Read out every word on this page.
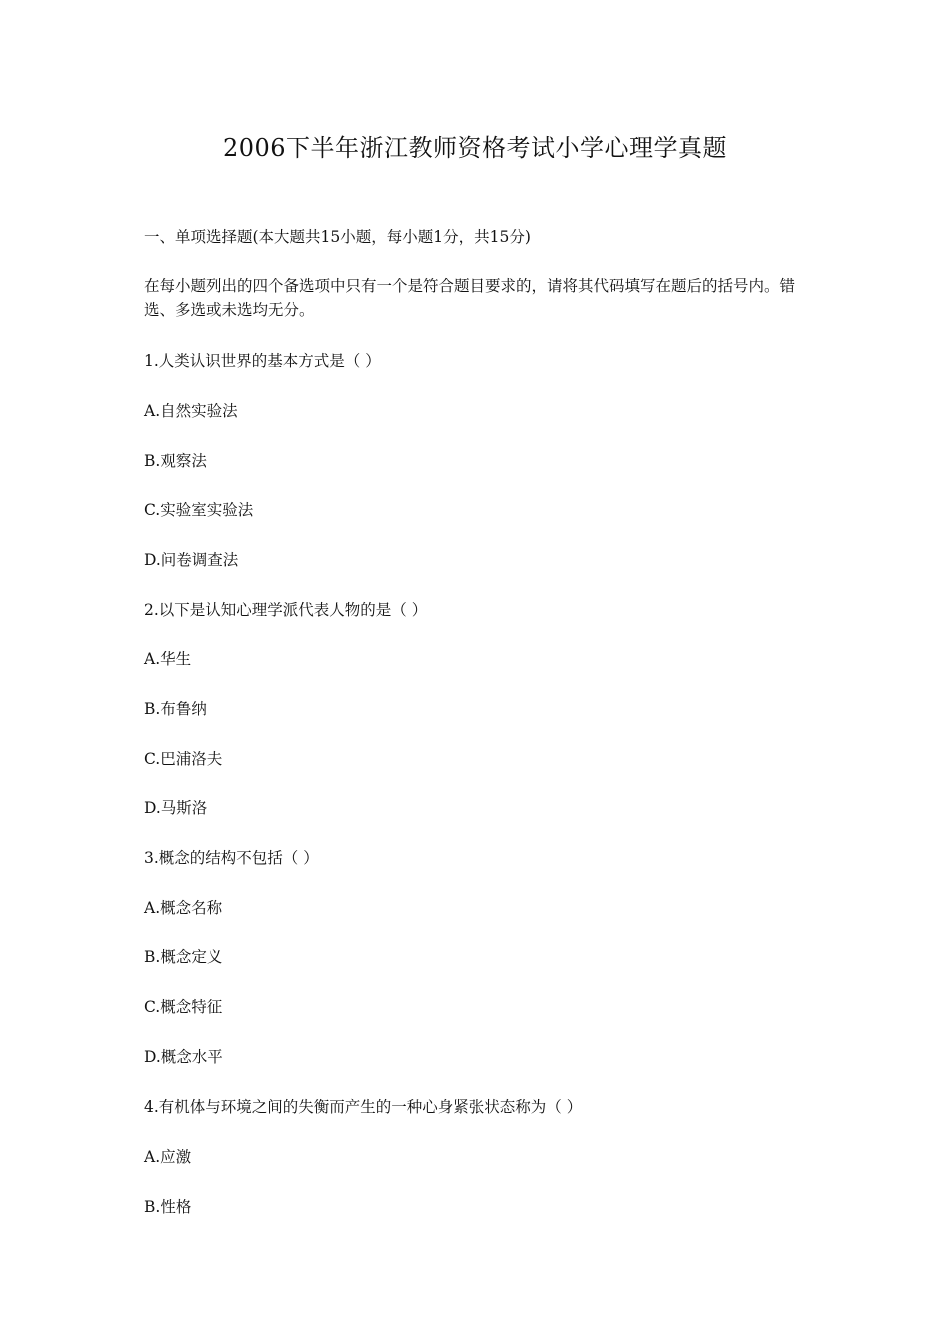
2006下半年浙江教师资格考试小学心理学真题
一、单项选择题(本大题共15小题，每小题1分，共15分)
在每小题列出的四个备选项中只有一个是符合题目要求的，请将其代码填写在题后的括号内。错选、多选或未选均无分。
1.人类认识世界的基本方式是（ ）
A.自然实验法
B.观察法
C.实验室实验法
D.问卷调查法
2.以下是认知心理学派代表人物的是（ ）
A.华生
B.布鲁纳
C.巴浦洛夫
D.马斯洛
3.概念的结构不包括（ ）
A.概念名称
B.概念定义
C.概念特征
D.概念水平
4.有机体与环境之间的失衡而产生的一种心身紧张状态称为（ ）
A.应激
B.性格
